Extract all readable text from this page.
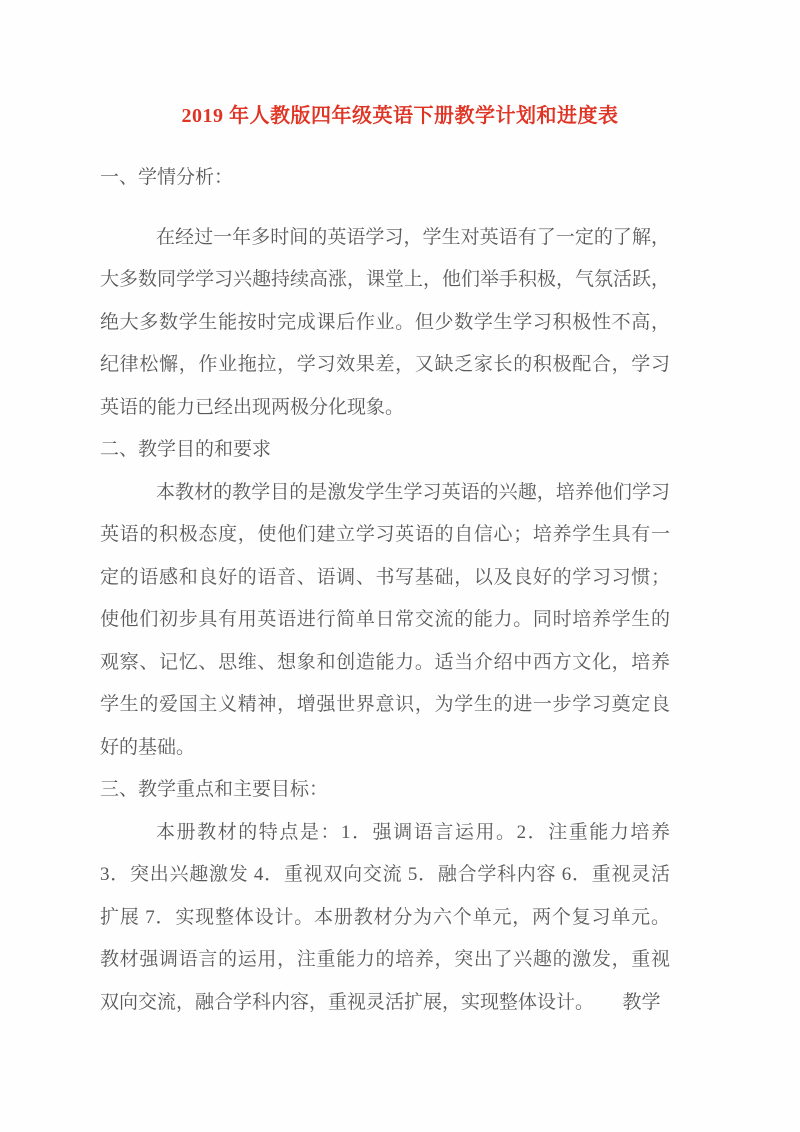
2019 年人教版四年级英语下册教学计划和进度表
一、学情分析：
在经过一年多时间的英语学习，学生对英语有了一定的了解，
大多数同学学习兴趣持续高涨，课堂上，他们举手积极，气氛活跃，
绝大多数学生能按时完成课后作业。但少数学生学习积极性不高，
纪律松懈，作业拖拉，学习效果差，又缺乏家长的积极配合，学习
英语的能力已经出现两极分化现象。
二、教学目的和要求
本教材的教学目的是激发学生学习英语的兴趣，培养他们学习
英语的积极态度，使他们建立学习英语的自信心；培养学生具有一
定的语感和良好的语音、语调、书写基础，以及良好的学习习惯；
使他们初步具有用英语进行简单日常交流的能力。同时培养学生的
观察、记忆、思维、想象和创造能力。适当介绍中西方文化，培养
学生的爱国主义精神，增强世界意识，为学生的进一步学习奠定良
好的基础。
三、教学重点和主要目标：
本册教材的特点是：1．强调语言运用。2．注重能力培养
3．突出兴趣激发 4．重视双向交流 5．融合学科内容 6．重视灵活
扩展 7．实现整体设计。本册教材分为六个单元，两个复习单元。
教材强调语言的运用，注重能力的培养，突出了兴趣的激发，重视
双向交流，融合学科内容，重视灵活扩展，实现整体设计。　　教学
